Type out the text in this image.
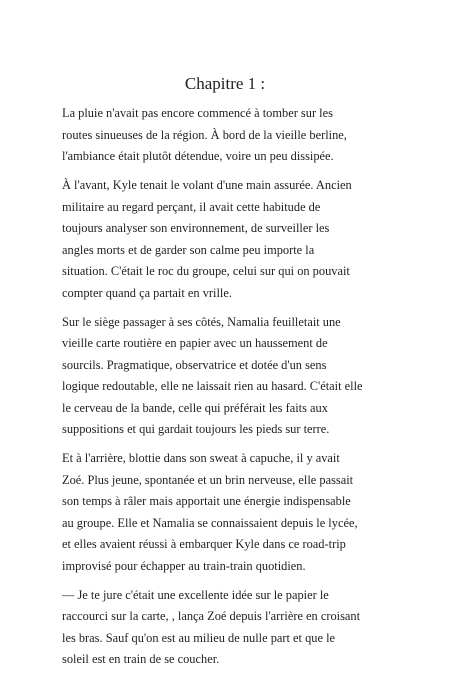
Chapitre 1 :

La pluie n'avait pas encore commencé à tomber sur les
routes sinueuses de la région. À bord de la vieille berline,
l'ambiance était plutôt détendue, voire un peu dissipée.

À l'avant, Kyle tenait le volant d'une main assurée. Ancien
militaire au regard perçant, il avait cette habitude de
toujours analyser son environnement, de surveiller les
angles morts et de garder son calme peu importe la
situation. C'était le roc du groupe, celui sur qui on pouvait
compter quand ça partait en vrille.

Sur le siège passager à ses côtés, Namalia feuilletait une
vieille carte routière en papier avec un haussement de
sourcils. Pragmatique, observatrice et dotée d'un sens
logique redoutable, elle ne laissait rien au hasard. C'était elle
le cerveau de la bande, celle qui préférait les faits aux
suppositions et qui gardait toujours les pieds sur terre.

Et à l'arrière, blottie dans son sweat à capuche, il y avait
Zoé. Plus jeune, spontanée et un brin nerveuse, elle passait
son temps à râler mais apportait une énergie indispensable
au groupe. Elle et Namalia se connaissaient depuis le lycée,
et elles avaient réussi à embarquer Kyle dans ce road-trip
improvisé pour échapper au train-train quotidien.

— Je te jure c'était une excellente idée sur le papier le
raccourci sur la carte, , lança Zoé depuis l'arrière en croisant
les bras. Sauf qu'on est au milieu de nulle part et que le
soleil est en train de se coucher.
